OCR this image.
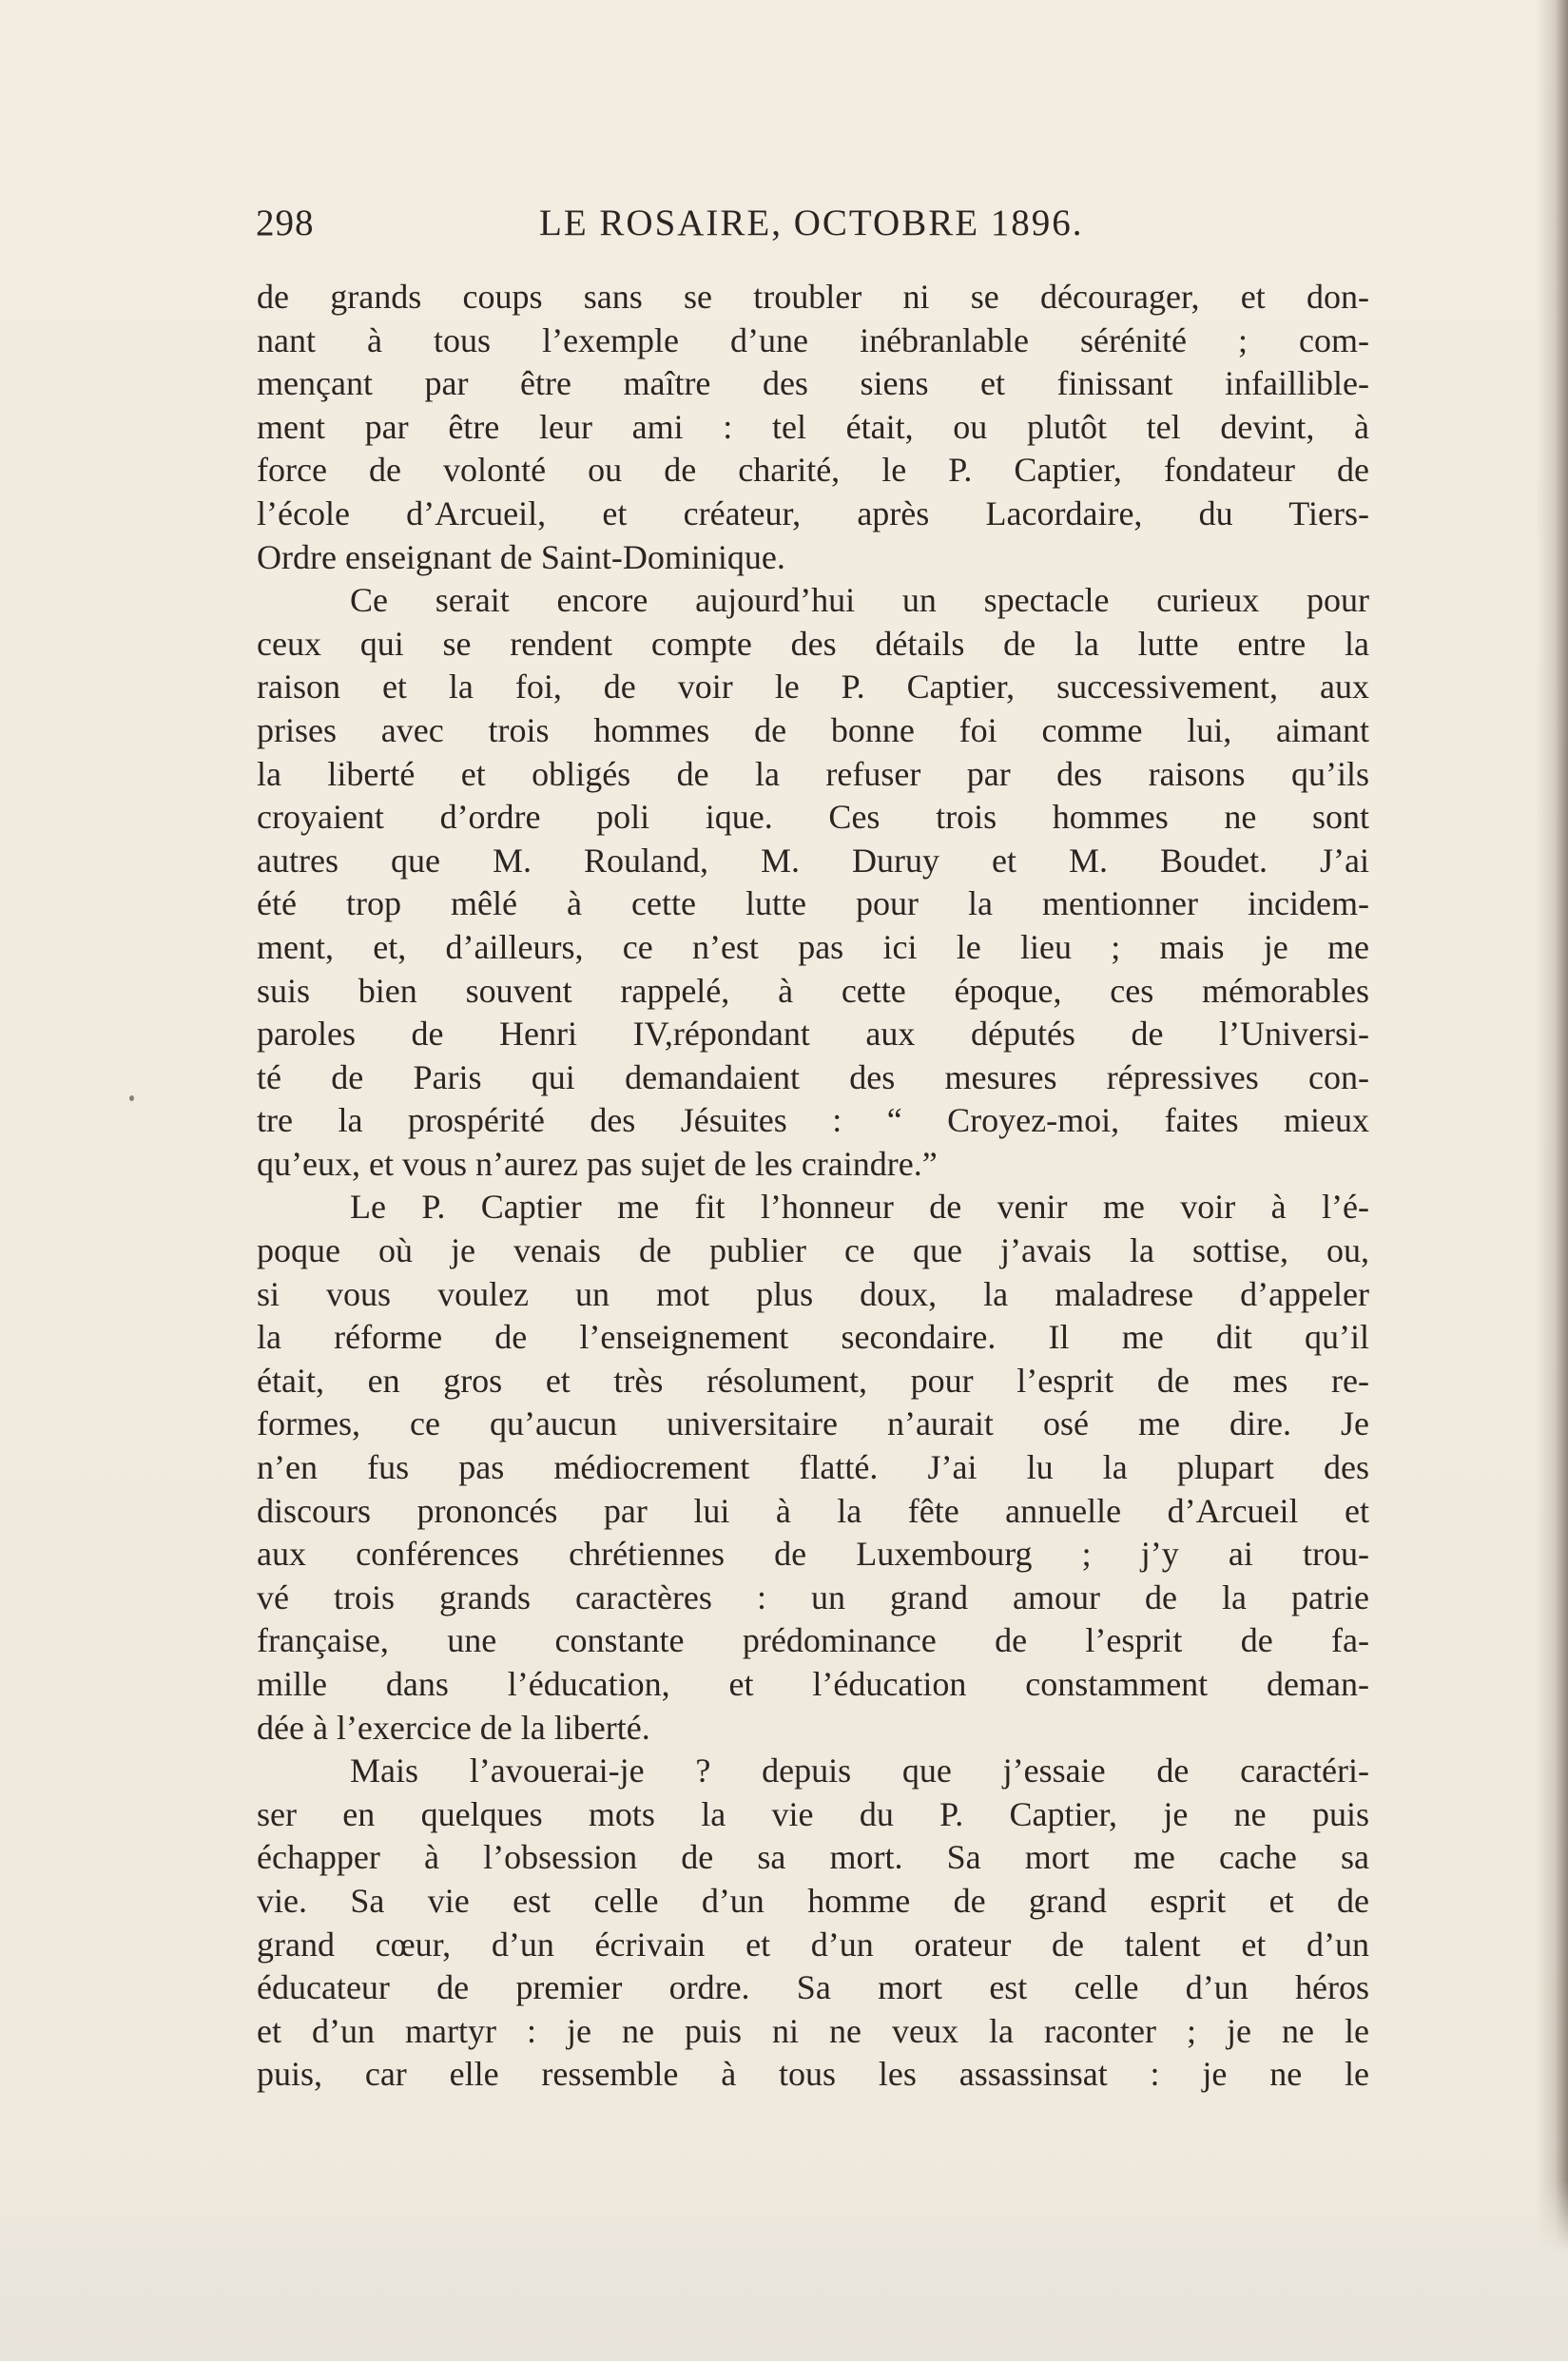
298	LE ROSAIRE, OCTOBRE 1896.
de grands coups sans se troubler ni se décourager, et don-
nant à tous l’exemple d’une inébranlable sérénité ; com-
mençant par être maître des siens et finissant infaillible-
ment par être leur ami : tel était, ou plutôt tel devint, à
force de volonté ou de charité, le P. Captier, fondateur de
l’école d’Arcueil, et créateur, après Lacordaire, du Tiers-
Ordre enseignant de Saint-Dominique.
Ce serait encore aujourd’hui un spectacle curieux pour
ceux qui se rendent compte des détails de la lutte entre la
raison et la foi, de voir le P. Captier, successivement, aux
prises avec trois hommes de bonne foi comme lui, aimant
la liberté et obligés de la refuser par des raisons qu’ils
croyaient d’ordre poli ique. Ces trois hommes ne sont
autres que M. Rouland, M. Duruy et M. Boudet. J’ai
été trop mêlé à cette lutte pour la mentionner incidem-
ment, et, d’ailleurs, ce n’est pas ici le lieu ; mais je me
suis bien souvent rappelé, à cette époque, ces mémorables
paroles de Henri IV,répondant aux députés de l’Universi-
té de Paris qui demandaient des mesures répressives con-
tre la prospérité des Jésuites : “ Croyez-moi, faites mieux
qu’eux, et vous n’aurez pas sujet de les craindre.”
Le P. Captier me fit l’honneur de venir me voir à l’é-
poque où je venais de publier ce que j’avais la sottise, ou,
si vous voulez un mot plus doux, la maladrese d’appeler
la réforme de l’enseignement secondaire. Il me dit qu’il
était, en gros et très résolument, pour l’esprit de mes re-
formes, ce qu’aucun universitaire n’aurait osé me dire. Je
n’en fus pas médiocrement flatté. J’ai lu la plupart des
discours prononcés par lui à la fête annuelle d’Arcueil et
aux conférences chrétiennes de Luxembourg ; j’y ai trou-
vé trois grands caractères : un grand amour de la patrie
française, une constante prédominance de l’esprit de fa-
mille dans l’éducation, et l’éducation constamment deman-
dée à l’exercice de la liberté.
Mais l’avouerai-je ? depuis que j’essaie de caractéri-
ser en quelques mots la vie du P. Captier, je ne puis
échapper à l’obsession de sa mort. Sa mort me cache sa
vie. Sa vie est celle d’un homme de grand esprit et de
grand cœur, d’un écrivain et d’un orateur de talent et d’un
éducateur de premier ordre. Sa mort est celle d’un héros
et d’un martyr : je ne puis ni ne veux la raconter ; je ne le
puis, car elle ressemble à tous les assassinsat : je ne le
